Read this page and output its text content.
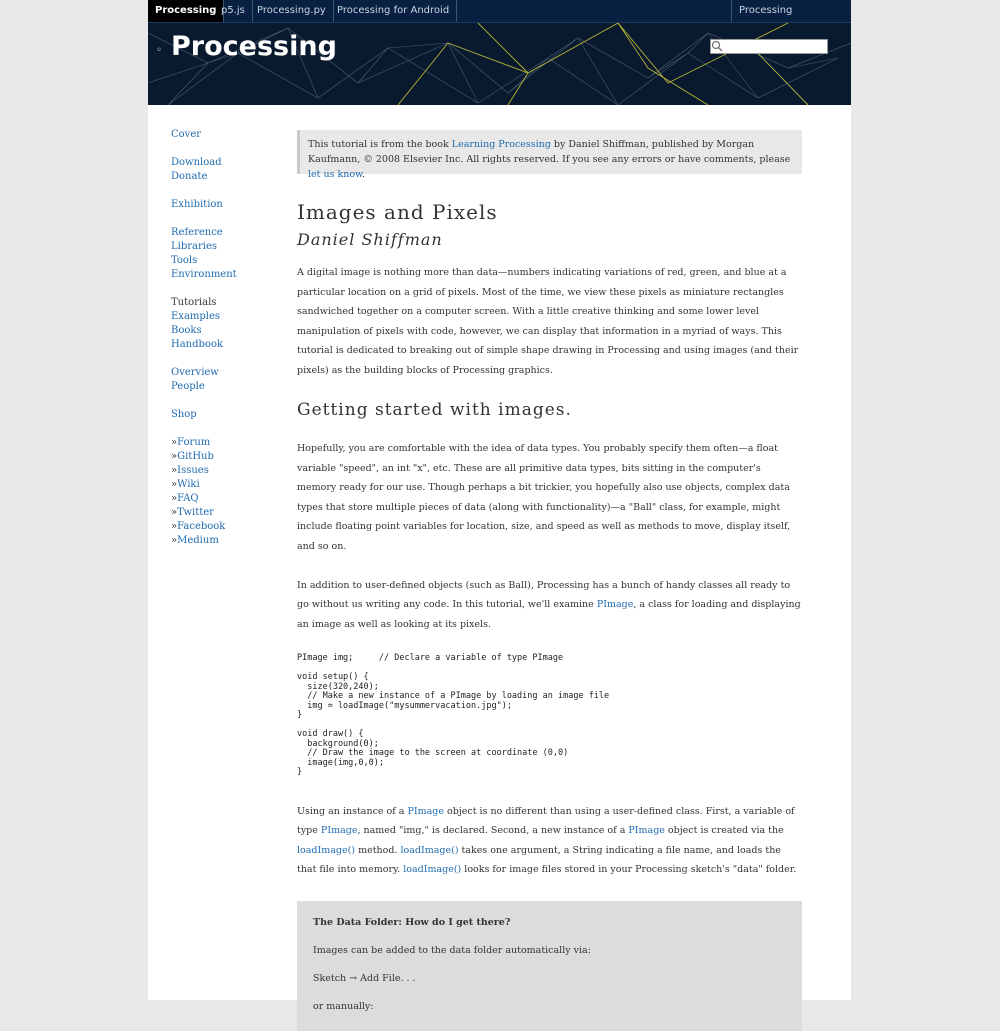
Processing p5.js	Processing.py	Processing for Android	Processing
◦ Processing
Cover
Download
Donate
Exhibition
Reference
Libraries
Tools
Environment
Tutorials
Examples
Books
Handbook
Overview
People
Shop
»Forum
»GitHub
»Issues
»Wiki
»FAQ
»Twitter
»Facebook
»Medium
This tutorial is from the book Learning Processing by Daniel Shiffman, published by Morgan Kaufmann, © 2008 Elsevier Inc. All rights reserved. If you see any errors or have comments, please let us know.
Images and Pixels
Daniel Shiffman

A digital image is nothing more than data—numbers indicating variations of red, green, and blue at a particular location on a grid of pixels. Most of the time, we view these pixels as miniature rectangles sandwiched together on a computer screen. With a little creative thinking and some lower level manipulation of pixels with code, however, we can display that information in a myriad of ways. This tutorial is dedicated to breaking out of simple shape drawing in Processing and using images (and their pixels) as the building blocks of Processing graphics.

Getting started with images.

Hopefully, you are comfortable with the idea of data types. You probably specify them often—a float variable "speed", an int "x", etc. These are all primitive data types, bits sitting in the computer's memory ready for our use. Though perhaps a bit trickier, you hopefully also use objects, complex data types that store multiple pieces of data (along with functionality)—a "Ball" class, for example, might include floating point variables for location, size, and speed as well as methods to move, display itself, and so on.

In addition to user-defined objects (such as Ball), Processing has a bunch of handy classes all ready to go without us writing any code. In this tutorial, we'll examine PImage, a class for loading and displaying an image as well as looking at its pixels.

PImage img;     // Declare a variable of type PImage

void setup() {
size(320,240);
// Make a new instance of a PImage by loading an image file
img = loadImage("mysummervacation.jpg");
}

void draw() {
background(0);
// Draw the image to the screen at coordinate (0,0)
image(img,0,0);
}

Using an instance of a PImage object is no different than using a user-defined class. First, a variable of type PImage, named "img," is declared. Second, a new instance of a PImage object is created via the loadImage() method. loadImage() takes one argument, a String indicating a file name, and loads the that file into memory. loadImage() looks for image files stored in your Processing sketch's "data" folder.

The Data Folder: How do I get there?
Images can be added to the data folder automatically via:
Sketch → Add File. . .
or manually:
